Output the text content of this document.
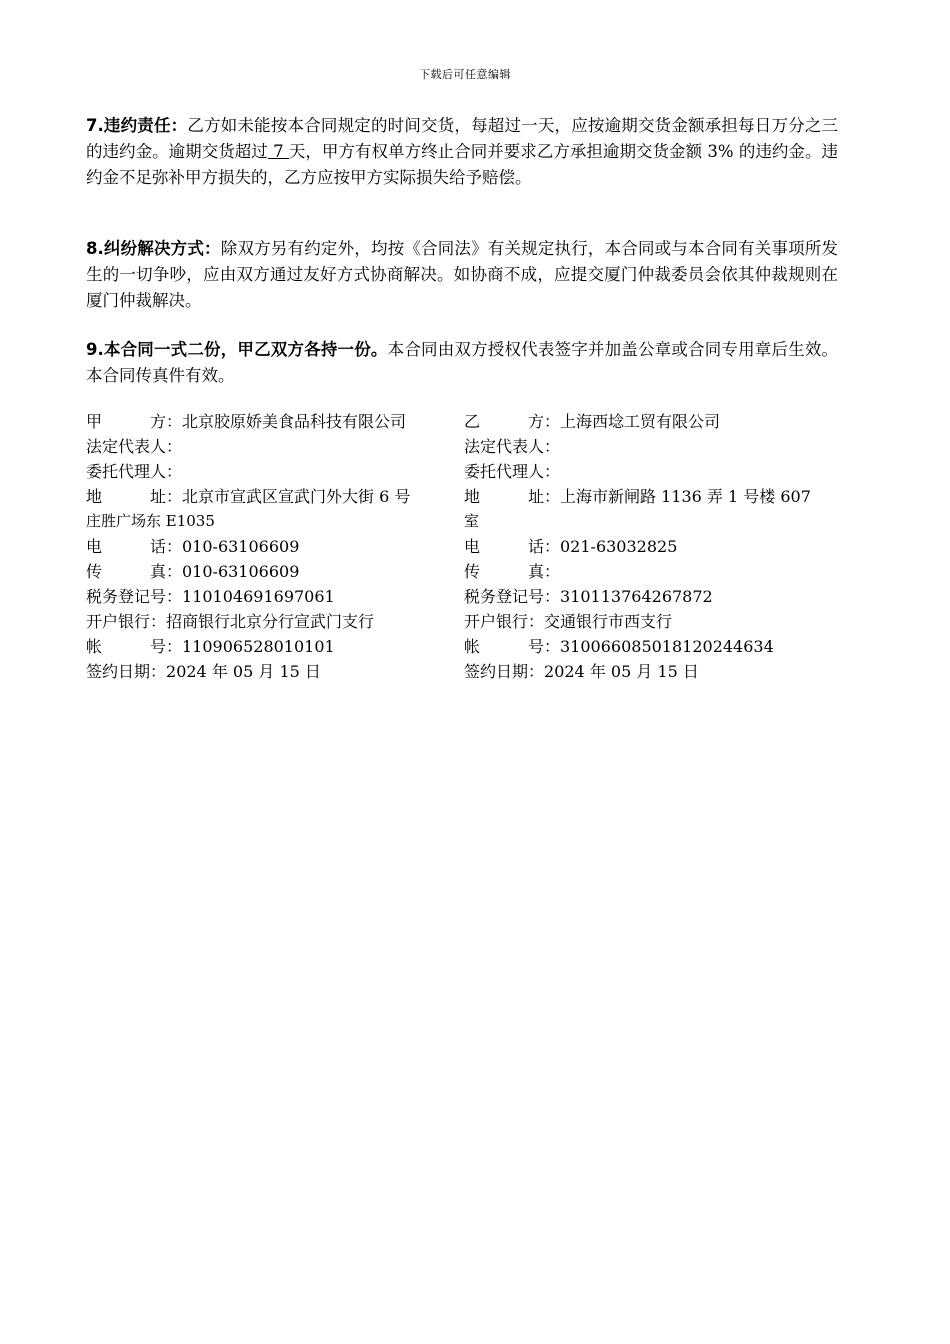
下载后可任意编辑
7.违约责任：乙方如未能按本合同规定的时间交货，每超过一天，应按逾期交货金额承担每日万分之三的违约金。逾期交货超过 7 天，甲方有权单方终止合同并要求乙方承担逾期交货金额 3% 的违约金。违约金不足弥补甲方损失的，乙方应按甲方实际损失给予赔偿。
8.纠纷解决方式：除双方另有约定外，均按《合同法》有关规定执行，本合同或与本合同有关事项所发生的一切争吵，应由双方通过友好方式协商解决。如协商不成，应提交厦门仲裁委员会依其仲裁规则在厦门仲裁解决。
9.本合同一式二份，甲乙双方各持一份。本合同由双方授权代表签字并加盖公章或合同专用章后生效。本合同传真件有效。
甲	方： 北京胶原娇美食品科技有限公司
法定代表人：
委托代理人：
地	址： 北京市宣武区宣武门外大街 6 号
庄胜广场东 E1035
电	话： 010-63106609
传	真： 010-63106609
税务登记号： 110104691697061
开户银行： 招商银行北京分行宣武门支行
帐	号： 110906528010101
签约日期： 2024 年 05 月 15 日
乙	方： 上海西埝工贸有限公司
法定代表人：
委托代理人：
地	址： 上海市新闸路 1136 弄 1 号楼 607
室
电	话： 021-63032825
传	真：
税务登记号： 310113764267872
开户银行： 交通银行市西支行
帐	号： 310066085018120244634
签约日期： 2024 年 05 月 15 日
